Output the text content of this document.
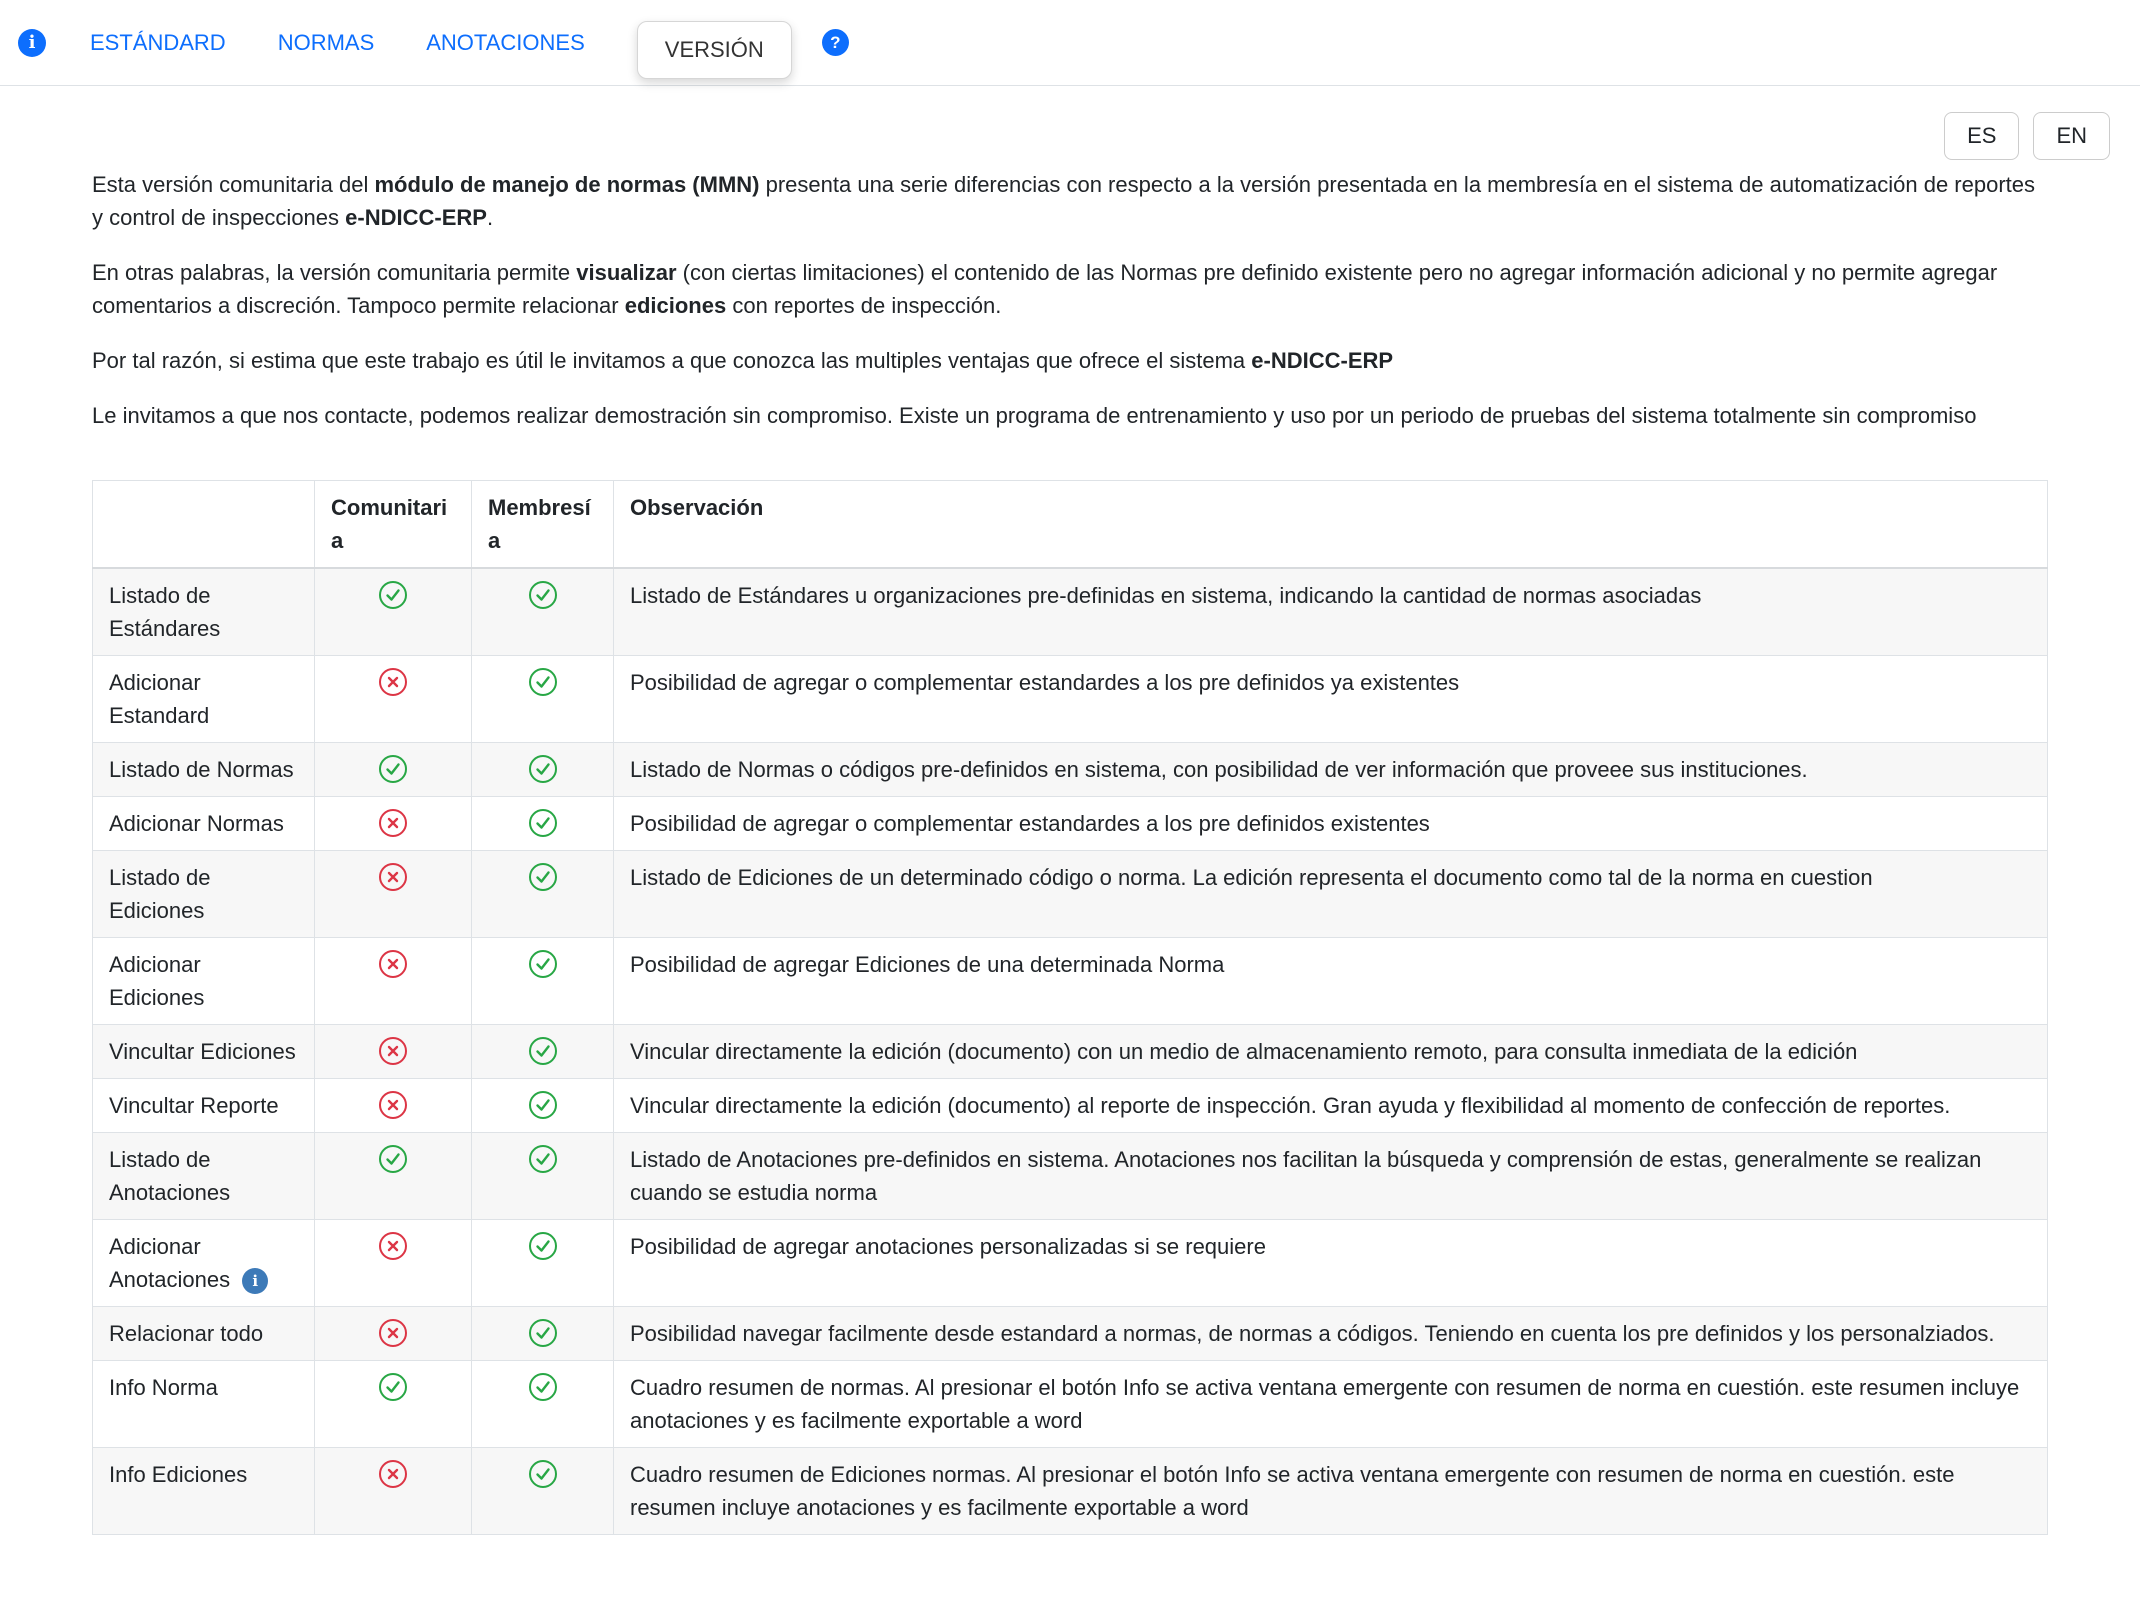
i ESTÁNDARD NORMAS ANOTACIONES	VERSIÓN	?
ES	EN

Esta versión comunitaria del módulo de manejo de normas (MMN) presenta una serie diferencias con respecto a la versión presentada en la membresía en el sistema de automatización de reportes y control de inspecciones e-NDICC-ERP.

En otras palabras, la versión comunitaria permite visualizar (con ciertas limitaciones) el contenido de las Normas pre definido existente pero no agregar información adicional y no permite agregar comentarios a discreción. Tampoco permite relacionar ediciones con reportes de inspección.

Por tal razón, si estima que este trabajo es útil le invitamos a que conozca las multiples ventajas que ofrece el sistema e-NDICC-ERP

Le invitamos a que nos contacte, podemos realizar demostración sin compromiso. Existe un programa de entrenamiento y uso por un periodo de pruebas del sistema totalmente sin compromiso

	Comunitaria	Membresía	Observación
Listado de Estándares			Listado de Estándares u organizaciones pre-definidas en sistema, indicando la cantidad de normas asociadas
Adicionar Estandard			Posibilidad de agregar o complementar estandardes a los pre definidos ya existentes
Listado de Normas			Listado de Normas o códigos pre-definidos en sistema, con posibilidad de ver información que proveee sus instituciones.
Adicionar Normas			Posibilidad de agregar o complementar estandardes a los pre definidos existentes
Listado de Ediciones			Listado de Ediciones de un determinado código o norma. La edición representa el documento como tal de la norma en cuestion
Adicionar Ediciones			Posibilidad de agregar Ediciones de una determinada Norma
Vincultar Ediciones			Vincular directamente la edición (documento) con un medio de almacenamiento remoto, para consulta inmediata de la edición
Vincultar Reporte			Vincular directamente la edición (documento) al reporte de inspección. Gran ayuda y flexibilidad al momento de confección de reportes.
Listado de Anotaciones			Listado de Anotaciones pre-definidos en sistema. Anotaciones nos facilitan la búsqueda y comprensión de estas, generalmente se realizan cuando se estudia norma
Adicionar Anotaciones i			Posibilidad de agregar anotaciones personalizadas si se requiere
Relacionar todo			Posibilidad navegar facilmente desde estandard a normas, de normas a códigos. Teniendo en cuenta los pre definidos y los personalziados.
Info Norma			Cuadro resumen de normas. Al presionar el botón Info se activa ventana emergente con resumen de norma en cuestión. este resumen incluye anotaciones y es facilmente exportable a word
Info Ediciones			Cuadro resumen de Ediciones normas. Al presionar el botón Info se activa ventana emergente con resumen de norma en cuestión. este resumen incluye anotaciones y es facilmente exportable a word
